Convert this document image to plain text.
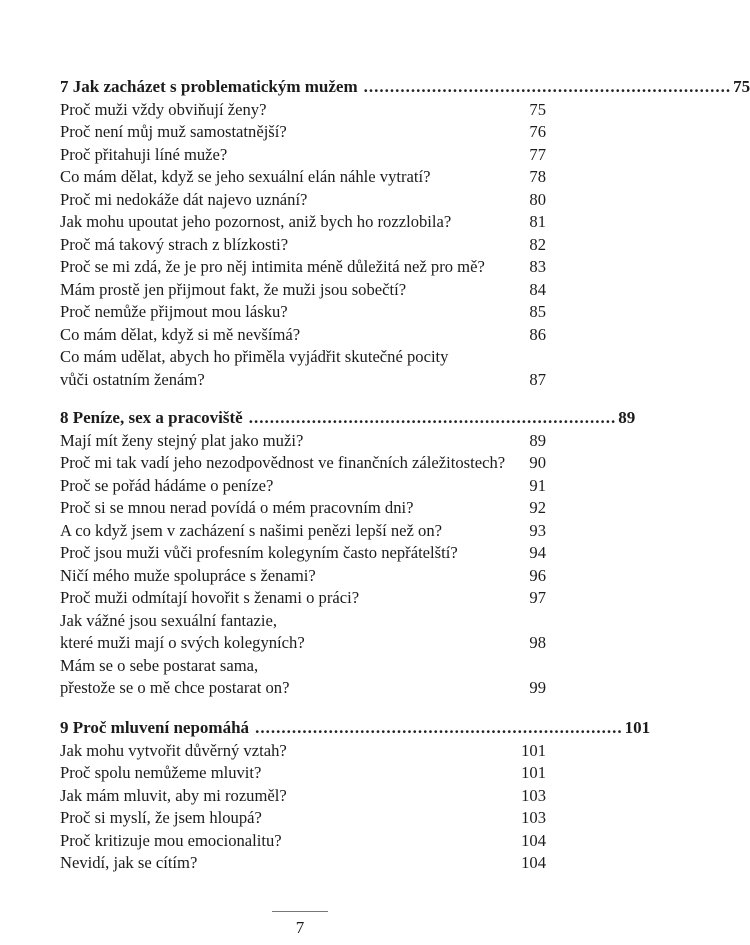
7 Jak zacházet s problematickým mužem ...................................................................... 75
Proč muži vždy obviňují ženy?	75
Proč není můj muž samostatnější?	76
Proč přitahuji líné muže?	77
Co mám dělat, když se jeho sexuální elán náhle vytratí?	78
Proč mi nedokáže dát najevo uznání?	80
Jak mohu upoutat jeho pozornost, aniž bych ho rozzlobila?	81
Proč má takový strach z blízkosti?	82
Proč se mi zdá, že je pro něj intimita méně důležitá než pro mě?	83
Mám prostě jen přijmout fakt, že muži jsou sobečtí?	84
Proč nemůže přijmout mou lásku?	85
Co mám dělat, když si mě nevšímá?	86
Co mám udělat, abych ho přiměla vyjádřit skutečné pocity
vůči ostatním ženám?	87
8 Peníze, sex a pracoviště ...................................................................... 89
Mají mít ženy stejný plat jako muži?	89
Proč mi tak vadí jeho nezodpovědnost ve finančních záležitostech?	90
Proč se pořád hádáme o peníze?	91
Proč si se mnou nerad povídá o mém pracovním dni?	92
A co když jsem v zacházení s našimi penězi lepší než on?	93
Proč jsou muži vůči profesním kolegyním často nepřátelští?	94
Ničí mého muže spolupráce s ženami?	96
Proč muži odmítají hovořit s ženami o práci?	97
Jak vážné jsou sexuální fantazie,
které muži mají o svých kolegyních?	98
Mám se o sebe postarat sama,
přestože se o mě chce postarat on?	99
9 Proč mluvení nepomáhá ...................................................................... 101
Jak mohu vytvořit důvěrný vztah?	101
Proč spolu nemůžeme mluvit?	101
Jak mám mluvit, aby mi rozuměl?	103
Proč si myslí, že jsem hloupá?	103
Proč kritizuje mou emocionalitu?	104
Nevidí, jak se cítím?	104
7
